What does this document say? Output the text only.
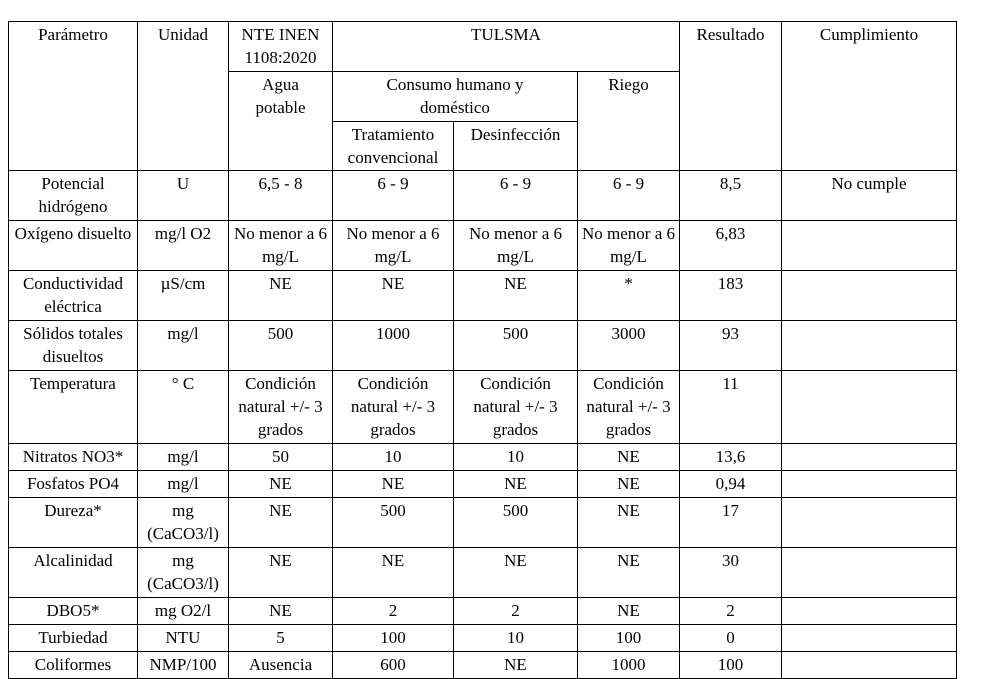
Parámetro	Unidad	NTE INEN 1108:2020	TULSMA			Resultado	Cumplimiento
		Agua potable	Consumo humano y doméstico		Riego		
			Tratamiento convencional	Desinfección			
Potencial hidrógeno	U	6,5 - 8	6 - 9	6 - 9	6 - 9	8,5	No cumple
Oxígeno disuelto	mg/l O2	No menor a 6 mg/L	No menor a 6 mg/L	No menor a 6 mg/L	No menor a 6 mg/L	6,83	
Conductividad eléctrica	µS/cm	NE	NE	NE	*	183	
Sólidos totales disueltos	mg/l	500	1000	500	3000	93	
Temperatura	° C	Condición natural +/- 3 grados	Condición natural +/- 3 grados	Condición natural +/- 3 grados	Condición natural +/- 3 grados	11	
Nitratos NO3*	mg/l	50	10	10	NE	13,6	
Fosfatos PO4	mg/l	NE	NE	NE	NE	0,94	
Dureza*	mg (CaCO3/l)	NE	500	500	NE	17	
Alcalinidad	mg (CaCO3/l)	NE	NE	NE	NE	30	
DBO5*	mg O2/l	NE	2	2	NE	2	
Turbiedad	NTU	5	100	10	100	0	
Coliformes	NMP/100	Ausencia	600	NE	1000	100	
